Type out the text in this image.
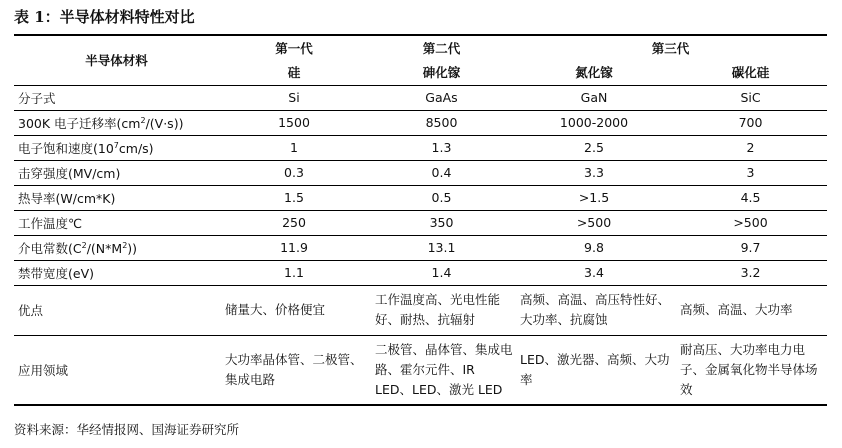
表 1：半导体材料特性对比
半导体材料	第一代	第二代	第三代	
	硅	砷化镓	氮化镓	碳化硅
分子式	Si	GaAs	GaN	SiC
300K 电子迁移率$(cm^2/(V\cdot s))$	1500	8500	1000-2000	700
电子饱和速度$(10^7cm/s)$	1	1.3	2.5	2
击穿强度(MV/cm)	0.3	0.4	3.3	3
热导率(W/cm*K)	1.5	0.5	>1.5	4.5
工作温度℃	250	350	>500	>500
介电常数$(C^2/(N*M^2))$	11.9	13.1	9.8	9.7
禁带宽度(eV)	1.1	1.4	3.4	3.2
优点	储量大、价格便宜	工作温度高、光电性能好、耐热、抗辐射	高频、高温、高压特性好、大功率、抗腐蚀	高频、高温、大功率
应用领域	大功率晶体管、二极管、集成电路	二极管、晶体管、集成电路、霍尔元件、IR LED、LED、激光 LED	LED、激光器、高频、大功率	耐高压、大功率电力电子、金属氧化物半导体场效
资料来源：华经情报网、国海证券研究所
